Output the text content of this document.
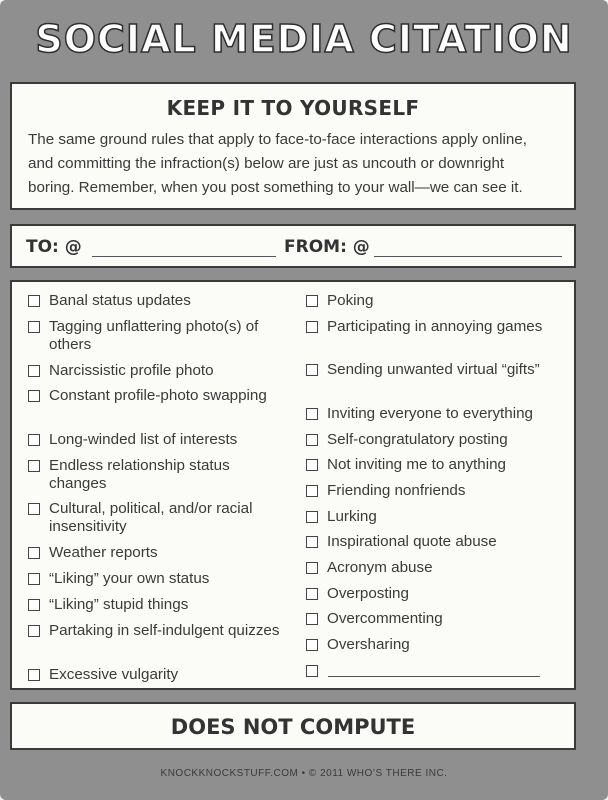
SOCIAL MEDIA CITATION
KEEP IT TO YOURSELF
The same ground rules that apply to face-to-face interactions apply online,
and committing the infraction(s) below are just as uncouth or downright
boring. Remember, when you post something to your wall—we can see it.
TO: @	FROM: @
Banal status updates
Tagging unflattering photo(s) of others
Narcissistic profile photo
Constant profile-photo swapping
Long-winded list of interests
Endless relationship status changes
Cultural, political, and/or racial insensitivity
Weather reports
“Liking” your own status
“Liking” stupid things
Partaking in self-indulgent quizzes
Excessive vulgarity
Poking
Participating in annoying games
Sending unwanted virtual “gifts”
Inviting everyone to everything
Self-congratulatory posting
Not inviting me to anything
Friending nonfriends
Lurking
Inspirational quote abuse
Acronym abuse
Overposting
Overcommenting
Oversharing
DOES NOT COMPUTE
KNOCKKNOCKSTUFF.COM • © 2011 WHO’S THERE INC.
